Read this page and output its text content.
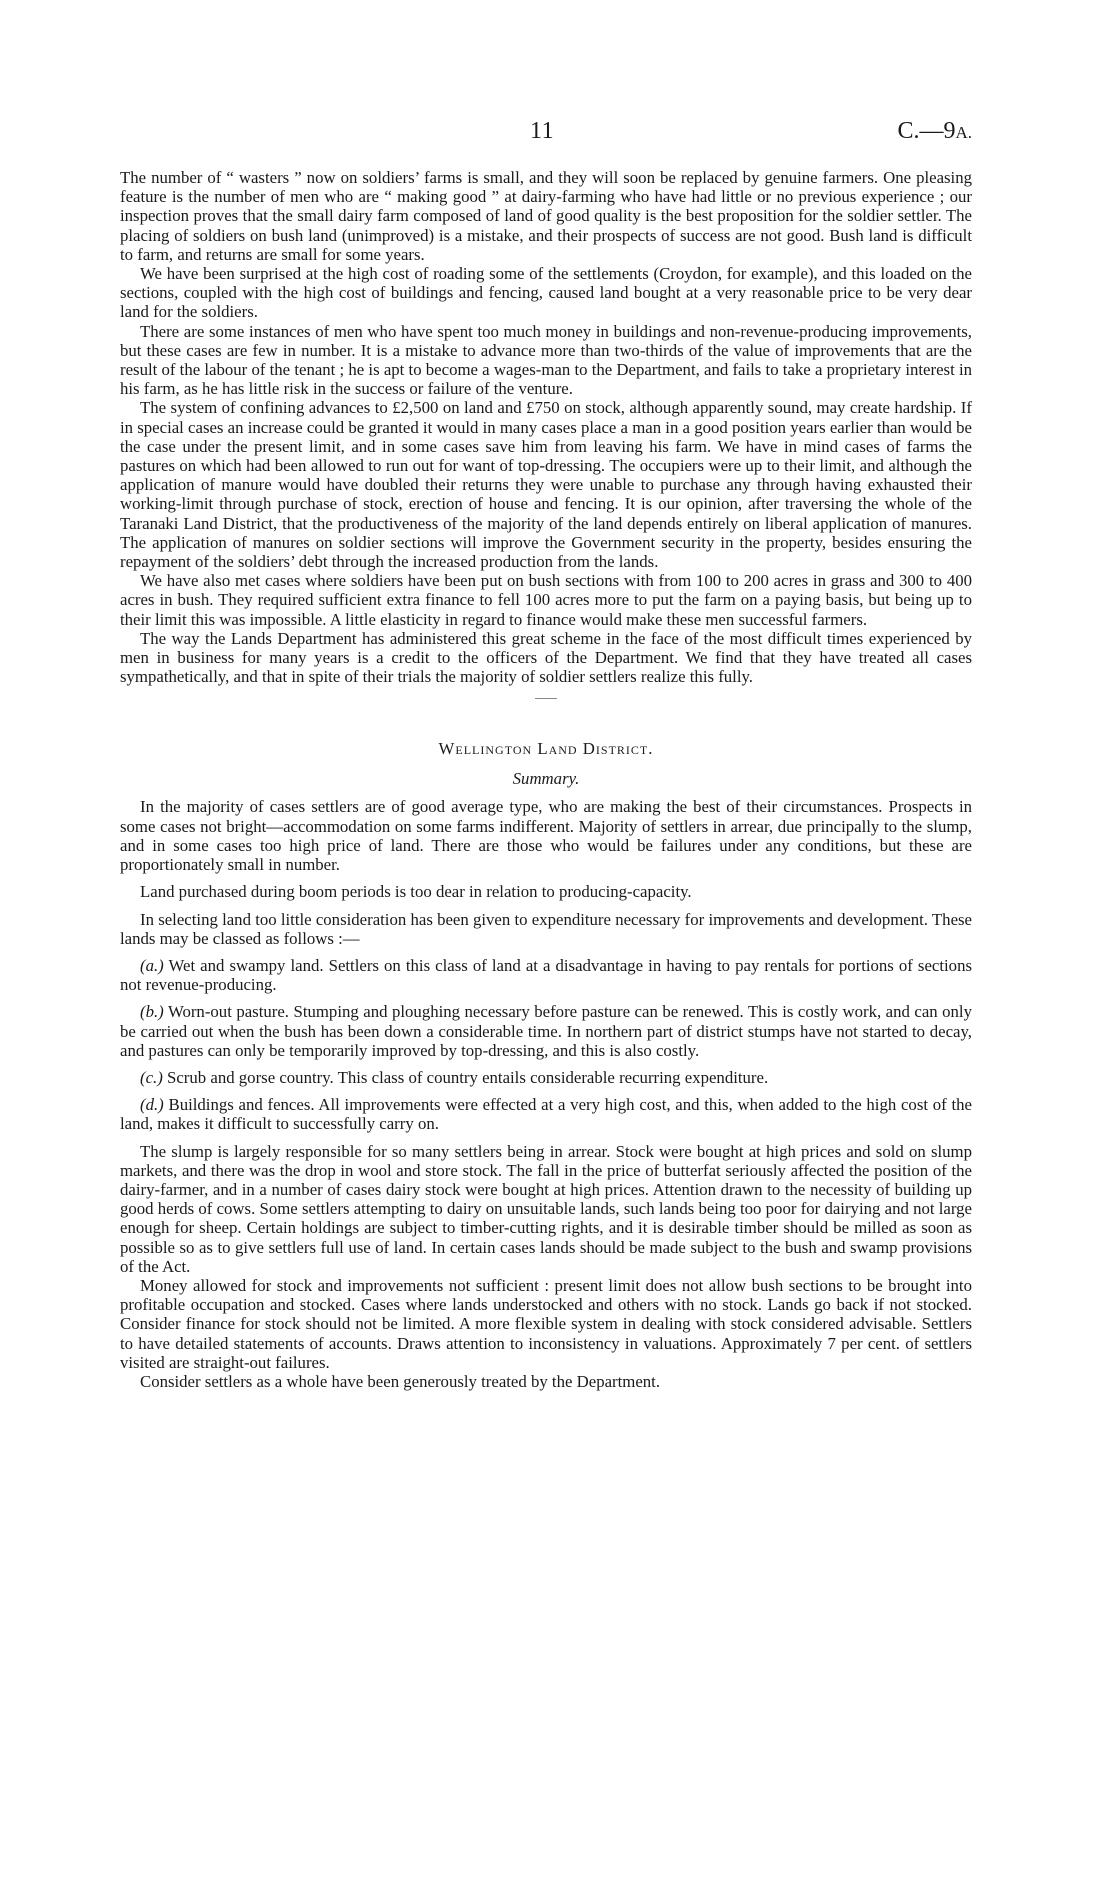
11	C.—9A.

The number of “ wasters ” now on soldiers’ farms is small, and they will soon be replaced by genuine farmers. One pleasing feature is the number of men who are “ making good ” at dairy-farming who have had little or no previous experience ; our inspection proves that the small dairy farm composed of land of good quality is the best proposition for the soldier settler. The placing of soldiers on bush land (unimproved) is a mistake, and their prospects of success are not good. Bush land is difficult to farm, and returns are small for some years.

We have been surprised at the high cost of roading some of the settlements (Croydon, for example), and this loaded on the sections, coupled with the high cost of buildings and fencing, caused land bought at a very reasonable price to be very dear land for the soldiers.

There are some instances of men who have spent too much money in buildings and non-revenue-producing improvements, but these cases are few in number. It is a mistake to advance more than two-thirds of the value of improvements that are the result of the labour of the tenant ; he is apt to become a wages-man to the Department, and fails to take a proprietary interest in his farm, as he has little risk in the success or failure of the venture.

The system of confining advances to £2,500 on land and £750 on stock, although apparently sound, may create hardship. If in special cases an increase could be granted it would in many cases place a man in a good position years earlier than would be the case under the present limit, and in some cases save him from leaving his farm. We have in mind cases of farms the pastures on which had been allowed to run out for want of top-dressing. The occupiers were up to their limit, and although the application of manure would have doubled their returns they were unable to purchase any through having exhausted their working-limit through purchase of stock, erection of house and fencing. It is our opinion, after traversing the whole of the Taranaki Land District, that the productiveness of the majority of the land depends entirely on liberal application of manures. The application of manures on soldier sections will improve the Government security in the property, besides ensuring the repayment of the soldiers’ debt through the increased production from the lands.

We have also met cases where soldiers have been put on bush sections with from 100 to 200 acres in grass and 300 to 400 acres in bush. They required sufficient extra finance to fell 100 acres more to put the farm on a paying basis, but being up to their limit this was impossible. A little elasticity in regard to finance would make these men successful farmers.

The way the Lands Department has administered this great scheme in the face of the most difficult times experienced by men in business for many years is a credit to the officers of the Department. We find that they have treated all cases sympathetically, and that in spite of their trials the majority of soldier settlers realize this fully.

Wellington Land District.
Summary.

In the majority of cases settlers are of good average type, who are making the best of their circumstances. Prospects in some cases not bright—accommodation on some farms indifferent. Majority of settlers in arrear, due principally to the slump, and in some cases too high price of land. There are those who would be failures under any conditions, but these are proportionately small in number.

Land purchased during boom periods is too dear in relation to producing-capacity.

In selecting land too little consideration has been given to expenditure necessary for improvements and development. These lands may be classed as follows :—

(a.) Wet and swampy land. Settlers on this class of land at a disadvantage in having to pay rentals for portions of sections not revenue-producing.

(b.) Worn-out pasture. Stumping and ploughing necessary before pasture can be renewed. This is costly work, and can only be carried out when the bush has been down a considerable time. In northern part of district stumps have not started to decay, and pastures can only be temporarily improved by top-dressing, and this is also costly.

(c.) Scrub and gorse country. This class of country entails considerable recurring expenditure.

(d.) Buildings and fences. All improvements were effected at a very high cost, and this, when added to the high cost of the land, makes it difficult to successfully carry on.

The slump is largely responsible for so many settlers being in arrear. Stock were bought at high prices and sold on slump markets, and there was the drop in wool and store stock. The fall in the price of butterfat seriously affected the position of the dairy-farmer, and in a number of cases dairy stock were bought at high prices. Attention drawn to the necessity of building up good herds of cows. Some settlers attempting to dairy on unsuitable lands, such lands being too poor for dairying and not large enough for sheep. Certain holdings are subject to timber-cutting rights, and it is desirable timber should be milled as soon as possible so as to give settlers full use of land. In certain cases lands should be made subject to the bush and swamp provisions of the Act.

Money allowed for stock and improvements not sufficient : present limit does not allow bush sections to be brought into profitable occupation and stocked. Cases where lands understocked and others with no stock. Lands go back if not stocked. Consider finance for stock should not be limited. A more flexible system in dealing with stock considered advisable. Settlers to have detailed statements of accounts. Draws attention to inconsistency in valuations. Approximately 7 per cent. of settlers visited are straight-out failures.

Consider settlers as a whole have been generously treated by the Department.
